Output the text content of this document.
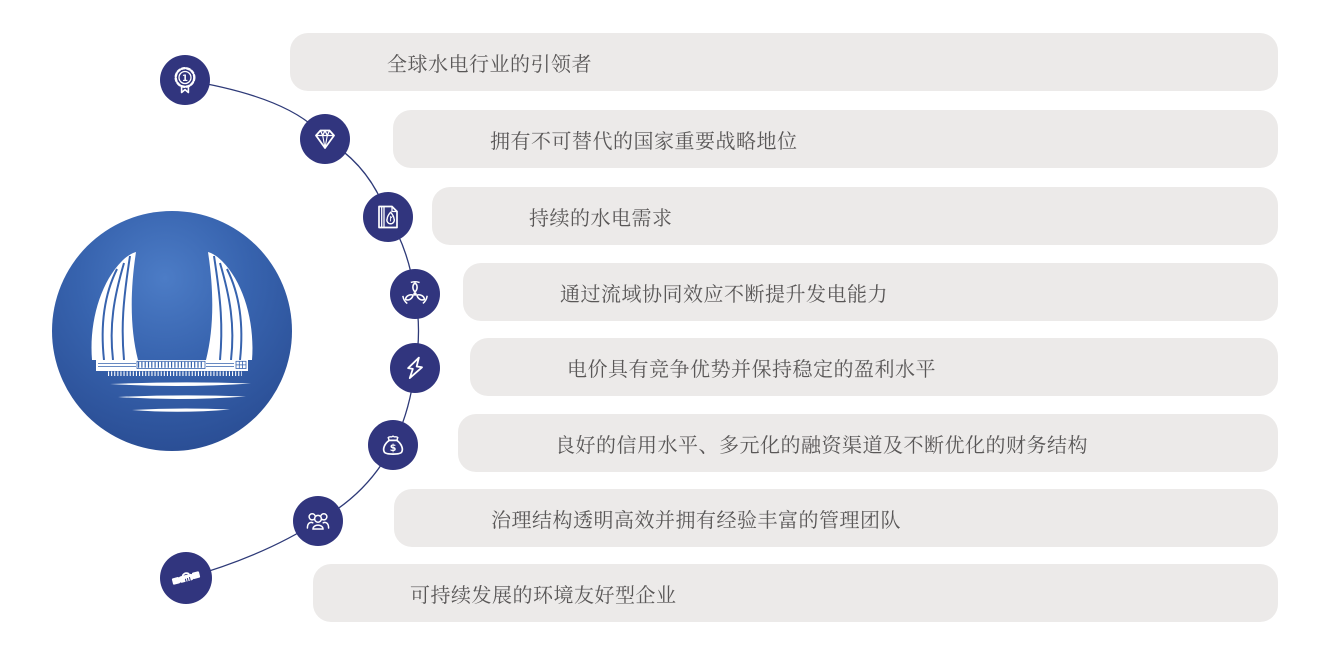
全球水电行业的引领者
拥有不可替代的国家重要战略地位
持续的水电需求
通过流域协同效应不断提升发电能力
电价具有竞争优势并保持稳定的盈利水平
良好的信用水平、多元化的融资渠道及不断优化的财务结构
治理结构透明高效并拥有经验丰富的管理团队
可持续发展的环境友好型企业
1
$
